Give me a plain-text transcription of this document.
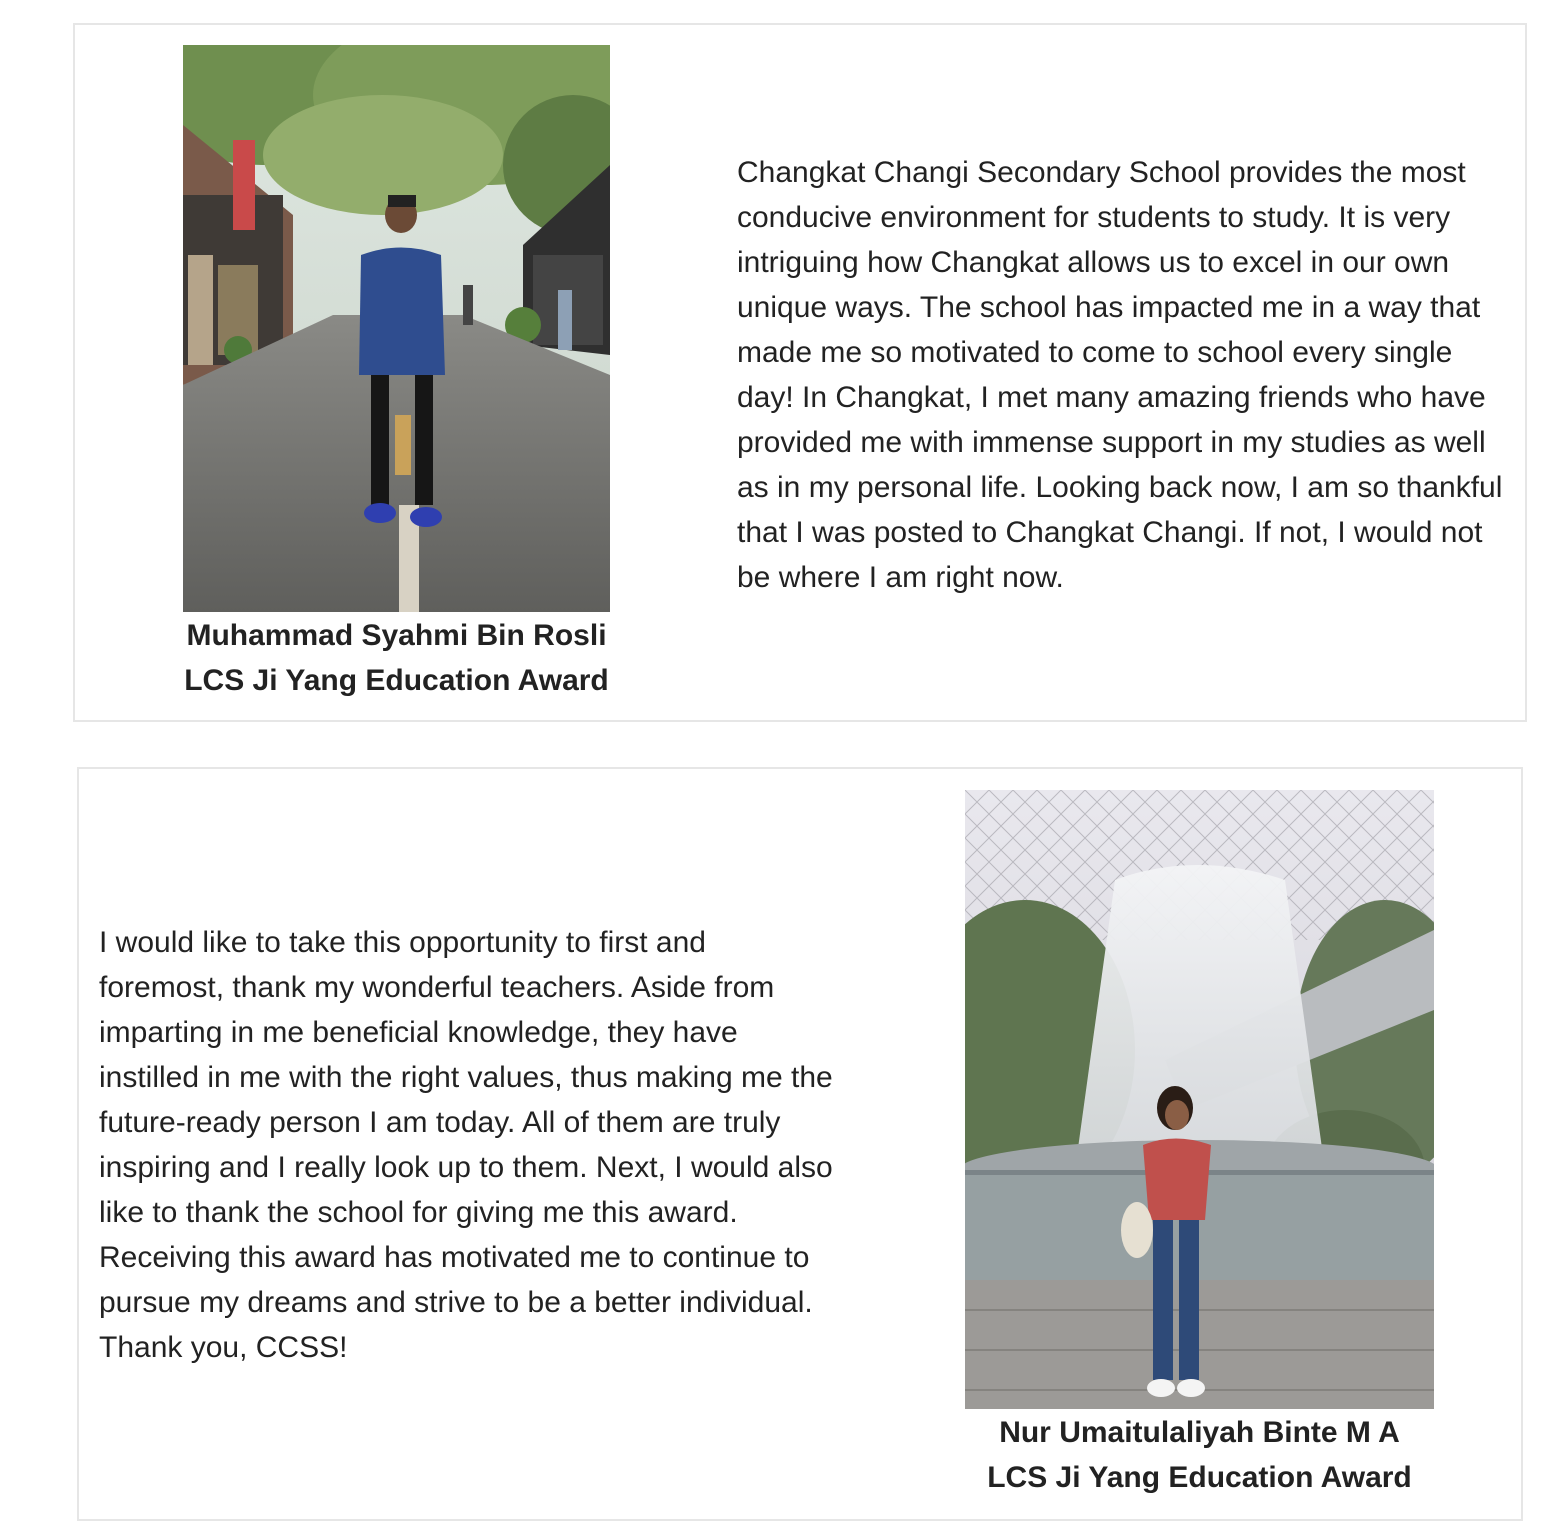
Muhammad Syahmi Bin Rosli
LCS Ji Yang Education Award

Changkat Changi Secondary School provides the most conducive environment for students to study. It is very intriguing how Changkat allows us to excel in our own unique ways. The school has impacted me in a way that made me so motivated to come to school every single day! In Changkat, I met many amazing friends who have provided me with immense support in my studies as well as in my personal life. Looking back now, I am so thankful that I was posted to Changkat Changi. If not, I would not be where I am right now.

I would like to take this opportunity to first and foremost, thank my wonderful teachers. Aside from imparting in me beneficial knowledge, they have instilled in me with the right values, thus making me the future-ready person I am today. All of them are truly inspiring and I really look up to them. Next, I would also like to thank the school for giving me this award. Receiving this award has motivated me to continue to pursue my dreams and strive to be a better individual. Thank you, CCSS!

Nur Umaitulaliyah Binte M A
LCS Ji Yang Education Award
